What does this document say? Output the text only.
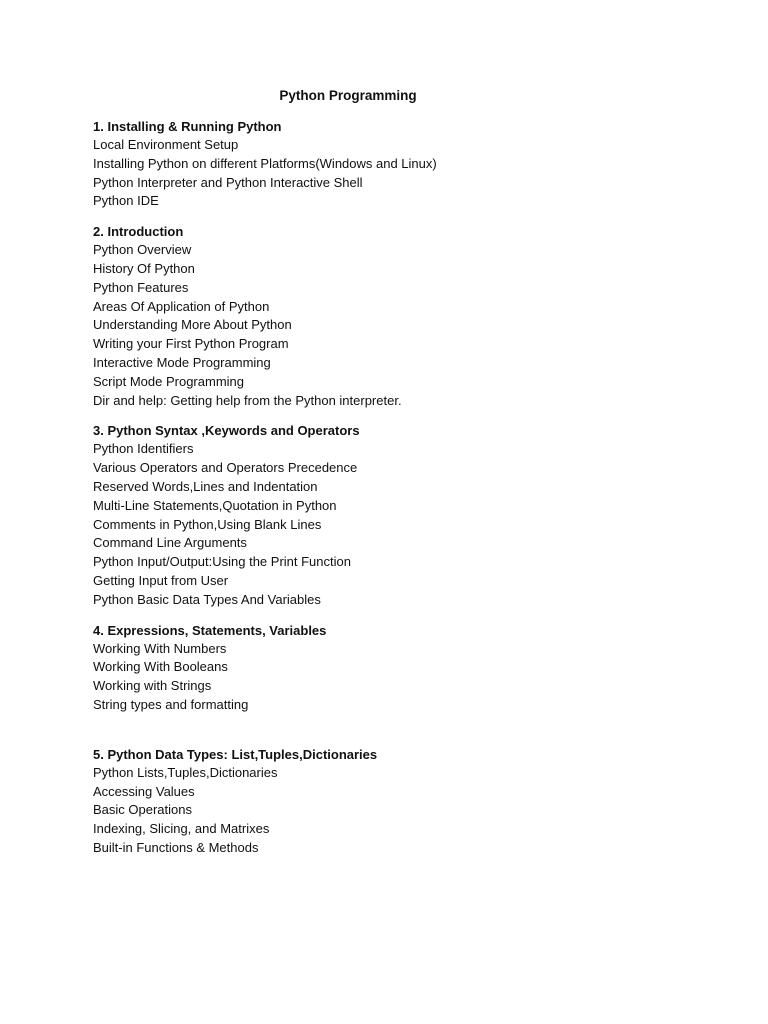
Python Programming
1. Installing & Running Python
Local Environment Setup
Installing Python on different Platforms(Windows and Linux)
Python Interpreter and Python Interactive Shell
Python IDE
2. Introduction
Python Overview
History Of Python
Python Features
Areas Of Application of Python
Understanding More About Python
Writing your First Python Program
Interactive Mode Programming
Script Mode Programming
Dir and help: Getting help from the Python interpreter.
3. Python Syntax ,Keywords and Operators
Python Identifiers
Various Operators and Operators Precedence
Reserved Words,Lines and Indentation
Multi-Line Statements,Quotation in Python
Comments in Python,Using Blank Lines
Command Line Arguments
Python Input/Output:Using the Print Function
Getting Input from User
Python Basic Data Types And Variables
4. Expressions, Statements, Variables
Working With Numbers
Working With Booleans
Working with Strings
String types and formatting
5. Python Data Types: List,Tuples,Dictionaries
Python Lists,Tuples,Dictionaries
Accessing Values
Basic Operations
Indexing, Slicing, and Matrixes
Built-in Functions & Methods
